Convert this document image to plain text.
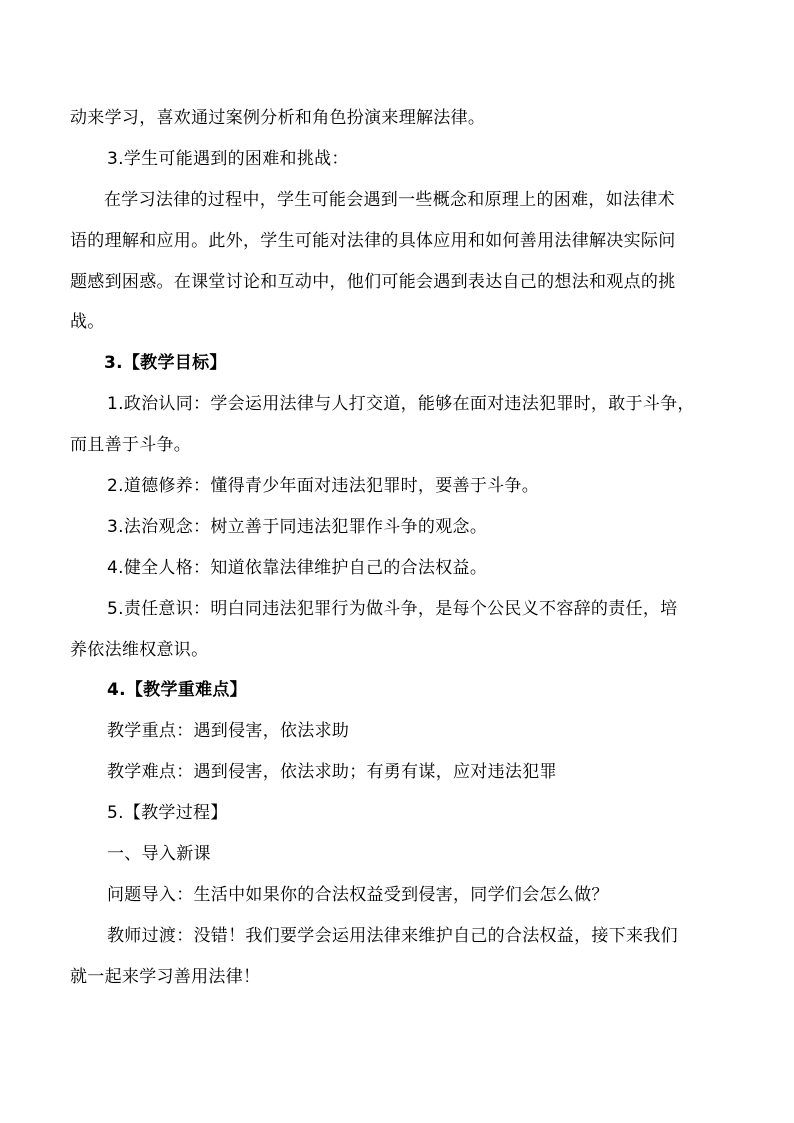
动来学习，喜欢通过案例分析和角色扮演来理解法律。
3.学生可能遇到的困难和挑战：
在学习法律的过程中，学生可能会遇到一些概念和原理上的困难，如法律术
语的理解和应用。此外，学生可能对法律的具体应用和如何善用法律解决实际问
题感到困惑。在课堂讨论和互动中，他们可能会遇到表达自己的想法和观点的挑
战。
3.【教学目标】
1.政治认同：学会运用法律与人打交道，能够在面对违法犯罪时，敢于斗争，
而且善于斗争。
2.道德修养：懂得青少年面对违法犯罪时，要善于斗争。
3.法治观念：树立善于同违法犯罪作斗争的观念。
4.健全人格：知道依靠法律维护自己的合法权益。
5.责任意识：明白同违法犯罪行为做斗争，是每个公民义不容辞的责任，培
养依法维权意识。
4.【教学重难点】
教学重点：遇到侵害，依法求助
教学难点：遇到侵害，依法求助；有勇有谋，应对违法犯罪
5.【教学过程】
一、导入新课
问题导入：生活中如果你的合法权益受到侵害，同学们会怎么做？
教师过渡：没错！我们要学会运用法律来维护自己的合法权益，接下来我们
就一起来学习善用法律！
